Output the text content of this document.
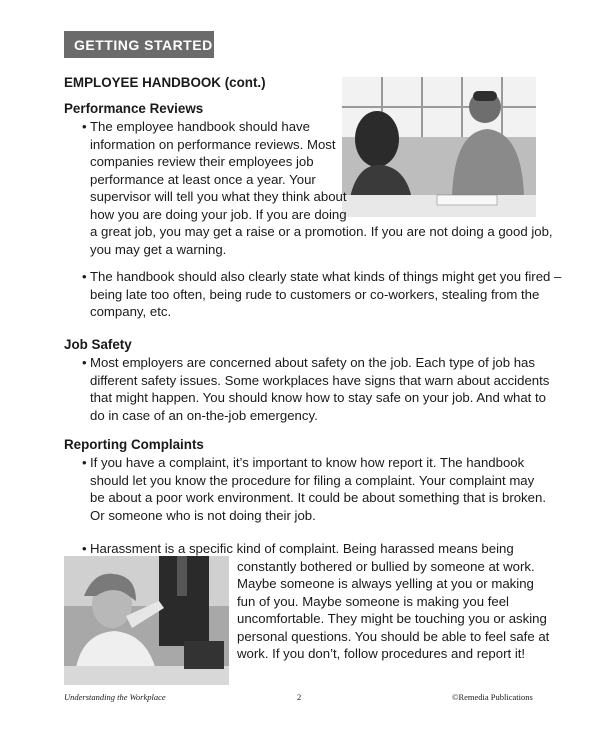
GETTING STARTED
EMPLOYEE HANDBOOK (cont.)
Performance Reviews
• The employee handbook should have
information on performance reviews. Most
companies review their employees job
performance at least once a year. Your
supervisor will tell you what they think about
how you are doing your job. If you are doing
a great job, you may get a raise or a promotion. If you are not doing a good job,
you may get a warning.
• The handbook should also clearly state what kinds of things might get you fired –
being late too often, being rude to customers or co-workers, stealing from the
company, etc.
Job Safety
• Most employers are concerned about safety on the job. Each type of job has
different safety issues. Some workplaces have signs that warn about accidents
that might happen. You should know how to stay safe on your job. And what to
do in case of an on-the-job emergency.
Reporting Complaints
• If you have a complaint, it’s important to know how report it. The handbook
should let you know the procedure for filing a complaint. Your complaint may
be about a poor work environment. It could be about something that is broken.
Or someone who is not doing their job.
• Harassment is a specific kind of complaint. Being harassed means being
constantly bothered or bullied by someone at work.
Maybe someone is always yelling at you or making
fun of you. Maybe someone is making you feel
uncomfortable. They might be touching you or asking
personal questions. You should be able to feel safe at
work. If you don’t, follow procedures and report it!
Understanding the Workplace	2	©Remedia Publications
